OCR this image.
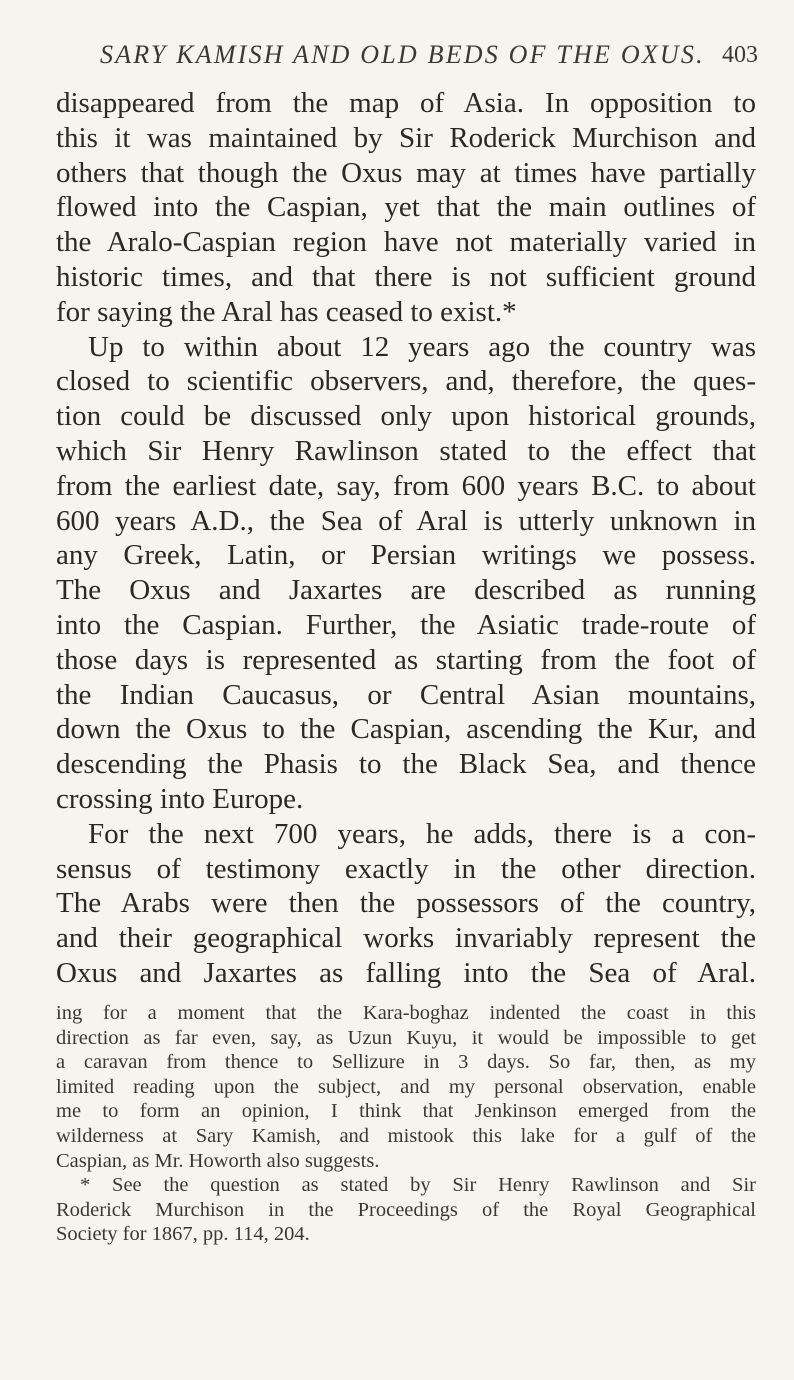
SARY KAMISH AND OLD BEDS OF THE OXUS. 403
disappeared from the map of Asia. In opposition to
this it was maintained by Sir Roderick Murchison and
others that though the Oxus may at times have partially
flowed into the Caspian, yet that the main outlines of
the Aralo-Caspian region have not materially varied in
historic times, and that there is not sufficient ground
for saying the Aral has ceased to exist.*
Up to within about 12 years ago the country was
closed to scientific observers, and, therefore, the ques-
tion could be discussed only upon historical grounds,
which Sir Henry Rawlinson stated to the effect that
from the earliest date, say, from 600 years B.C. to about
600 years A.D., the Sea of Aral is utterly unknown in
any Greek, Latin, or Persian writings we possess.
The Oxus and Jaxartes are described as running
into the Caspian. Further, the Asiatic trade-route of
those days is represented as starting from the foot of
the Indian Caucasus, or Central Asian mountains,
down the Oxus to the Caspian, ascending the Kur, and
descending the Phasis to the Black Sea, and thence
crossing into Europe.
For the next 700 years, he adds, there is a con-
sensus of testimony exactly in the other direction.
The Arabs were then the possessors of the country,
and their geographical works invariably represent the
Oxus and Jaxartes as falling into the Sea of Aral.
ing for a moment that the Kara-boghaz indented the coast in this
direction as far even, say, as Uzun Kuyu, it would be impossible to get
a caravan from thence to Sellizure in 3 days. So far, then, as my
limited reading upon the subject, and my personal observation, enable
me to form an opinion, I think that Jenkinson emerged from the
wilderness at Sary Kamish, and mistook this lake for a gulf of the
Caspian, as Mr. Howorth also suggests.
* See the question as stated by Sir Henry Rawlinson and Sir
Roderick Murchison in the Proceedings of the Royal Geographical
Society for 1867, pp. 114, 204.
